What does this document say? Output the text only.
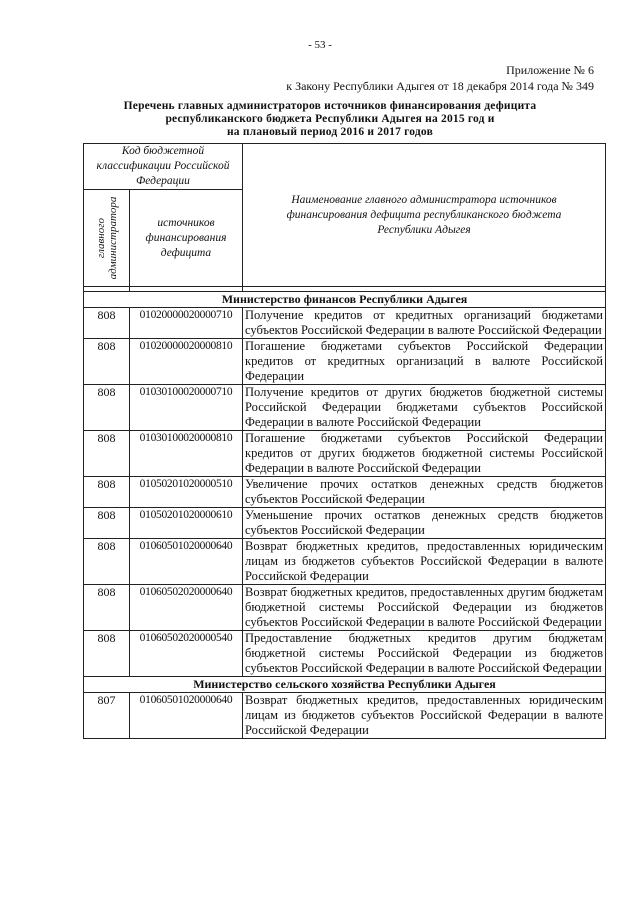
- 53 -
Приложение № 6
к Закону Республики Адыгея от 18 декабря 2014 года № 349
Перечень главных администраторов источников финансирования дефицита
республиканского бюджета Республики Адыгея на 2015 год и
на плановый период 2016 и 2017 годов
Код бюджетной классификации Российской Федерации		Наименование главного администратора источников финансирования дефицита республиканского бюджета Республики Адыгея

главного администратора	источников финансирования дефицита	

Министерство финансов Республики Адыгея		
808	01020000020000710	Получение кредитов от кредитных организаций бюджетами субъектов Российской Федерации в валюте Российской Федерации
808	01020000020000810	Погашение бюджетами субъектов Российской Федерации кредитов от кредитных организаций в валюте Российской Федерации
808	01030100020000710	Получение кредитов от других бюджетов бюджетной системы Российской Федерации бюджетами субъектов Российской Федерации в валюте Российской Федерации
808	01030100020000810	Погашение бюджетами субъектов Российской Федерации кредитов от других бюджетов бюджетной системы Российской Федерации в валюте Российской Федерации
808	01050201020000510	Увеличение прочих остатков денежных средств бюджетов субъектов Российской Федерации
808	01050201020000610	Уменьшение прочих остатков денежных средств бюджетов субъектов Российской Федерации
808	01060501020000640	Возврат бюджетных кредитов, предоставленных юридическим лицам из бюджетов субъектов Российской Федерации в валюте Российской Федерации
808	01060502020000640	Возврат бюджетных кредитов, предоставленных другим бюджетам бюджетной системы Российской Федерации из бюджетов субъектов Российской Федерации в валюте Российской Федерации
808	01060502020000540	Предоставление бюджетных кредитов другим бюджетам бюджетной системы Российской Федерации из бюджетов субъектов Российской Федерации в валюте Российской Федерации
Министерство сельского хозяйства Республики Адыгея		
807	01060501020000640	Возврат бюджетных кредитов, предоставленных юридическим лицам из бюджетов субъектов Российской Федерации в валюте Российской Федерации
